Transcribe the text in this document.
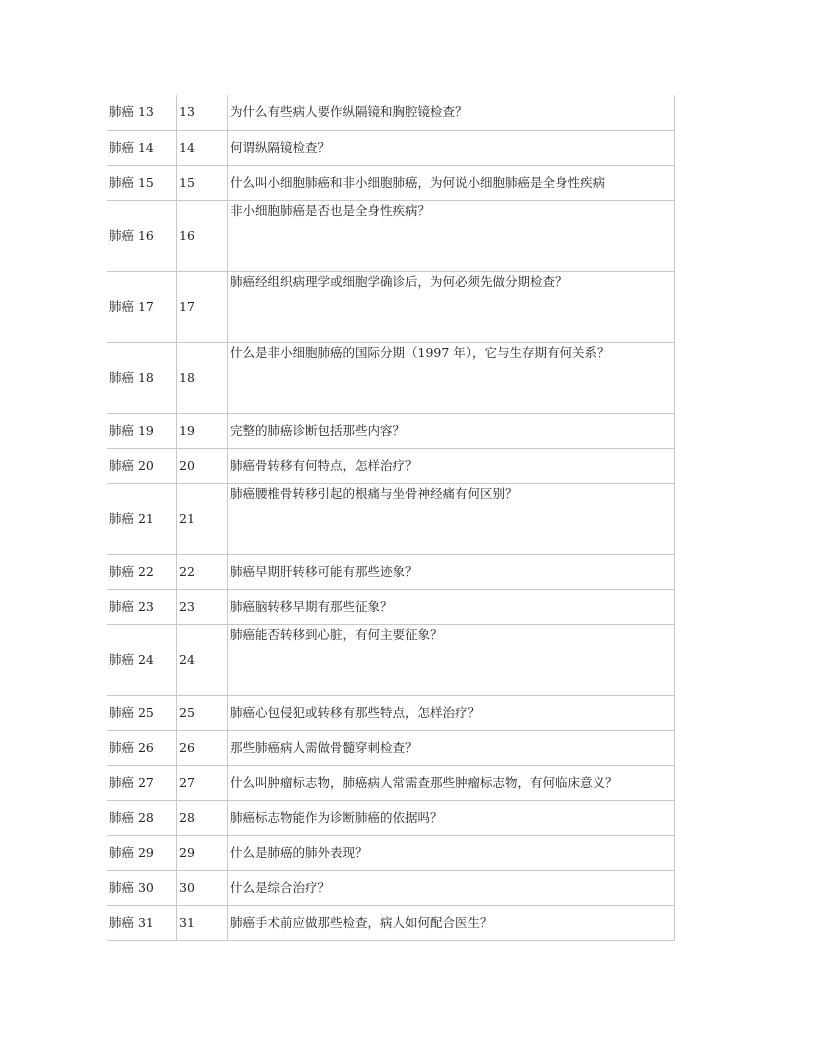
肺癌 13	13	为什么有些病人要作纵隔镜和胸腔镜检查？
肺癌 14	14	何谓纵隔镜检查？
肺癌 15	15	什么叫小细胞肺癌和非小细胞肺癌，为何说小细胞肺癌是全身性疾病
肺癌 16	16	非小细胞肺癌是否也是全身性疾病？
肺癌 17	17	肺癌经组织病理学或细胞学确诊后，为何必须先做分期检查？
肺癌 18	18	什么是非小细胞肺癌的国际分期（1997 年），它与生存期有何关系？
肺癌 19	19	完整的肺癌诊断包括那些内容？
肺癌 20	20	肺癌骨转移有何特点，怎样治疗？
肺癌 21	21	肺癌腰椎骨转移引起的根痛与坐骨神经痛有何区别？
肺癌 22	22	肺癌早期肝转移可能有那些迹象？
肺癌 23	23	肺癌脑转移早期有那些征象？
肺癌 24	24	肺癌能否转移到心脏，有何主要征象？
肺癌 25	25	肺癌心包侵犯或转移有那些特点，怎样治疗？
肺癌 26	26	那些肺癌病人需做骨髓穿刺检查？
肺癌 27	27	什么叫肿瘤标志物，肺癌病人常需查那些肿瘤标志物，有何临床意义？
肺癌 28	28	肺癌标志物能作为诊断肺癌的依据吗？
肺癌 29	29	什么是肺癌的肺外表现？
肺癌 30	30	什么是综合治疗？
肺癌 31	31	肺癌手术前应做那些检查，病人如何配合医生？
